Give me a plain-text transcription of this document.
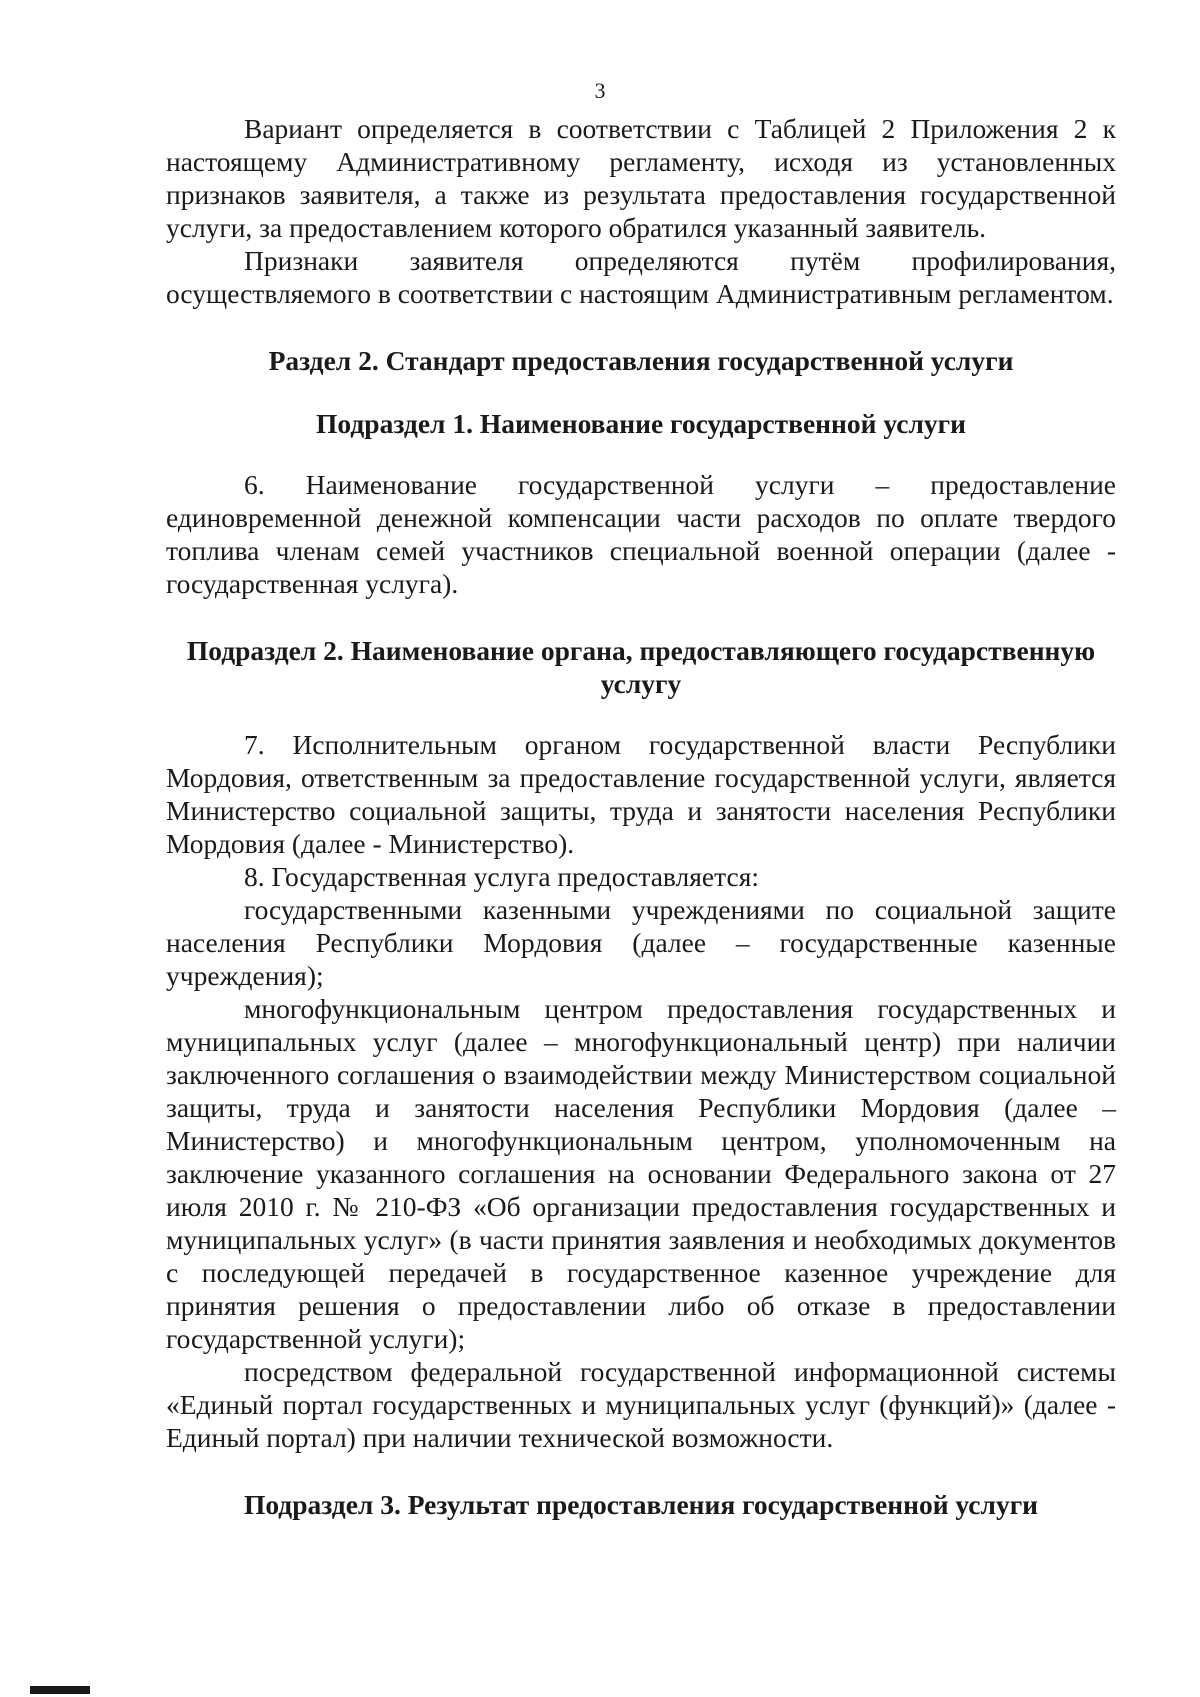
3

Вариант определяется в соответствии с Таблицей 2 Приложения 2 к настоящему Административному регламенту, исходя из установленных признаков заявителя, а также из результата предоставления государственной услуги, за предоставлением которого обратился указанный заявитель.

Признаки заявителя определяются путём профилирования, осуществляемого в соответствии с настоящим Административным регламентом.

Раздел 2. Стандарт предоставления государственной услуги
Подраздел 1. Наименование государственной услуги

6. Наименование государственной услуги – предоставление единовременной денежной компенсации части расходов по оплате твердого топлива членам семей участников специальной военной операции (далее - государственная услуга).

Подраздел 2. Наименование органа, предоставляющего государственную услугу

7. Исполнительным органом государственной власти Республики Мордовия, ответственным за предоставление государственной услуги, является Министерство социальной защиты, труда и занятости населения Республики Мордовия (далее - Министерство).

8. Государственная услуга предоставляется:

государственными казенными учреждениями по социальной защите населения Республики Мордовия (далее – государственные казенные учреждения);

многофункциональным центром предоставления государственных и муниципальных услуг (далее – многофункциональный центр) при наличии заключенного соглашения о взаимодействии между Министерством социальной защиты, труда и занятости населения Республики Мордовия (далее – Министерство) и многофункциональным центром, уполномоченным на заключение указанного соглашения на основании Федерального закона от 27 июля 2010 г. № 210-ФЗ «Об организации предоставления государственных и муниципальных услуг» (в части принятия заявления и необходимых документов с последующей передачей в государственное казенное учреждение для принятия решения о предоставлении либо об отказе в предоставлении государственной услуги);

посредством федеральной государственной информационной системы «Единый портал государственных и муниципальных услуг (функций)» (далее - Единый портал) при наличии технической возможности.

Подраздел 3. Результат предоставления государственной услуги
